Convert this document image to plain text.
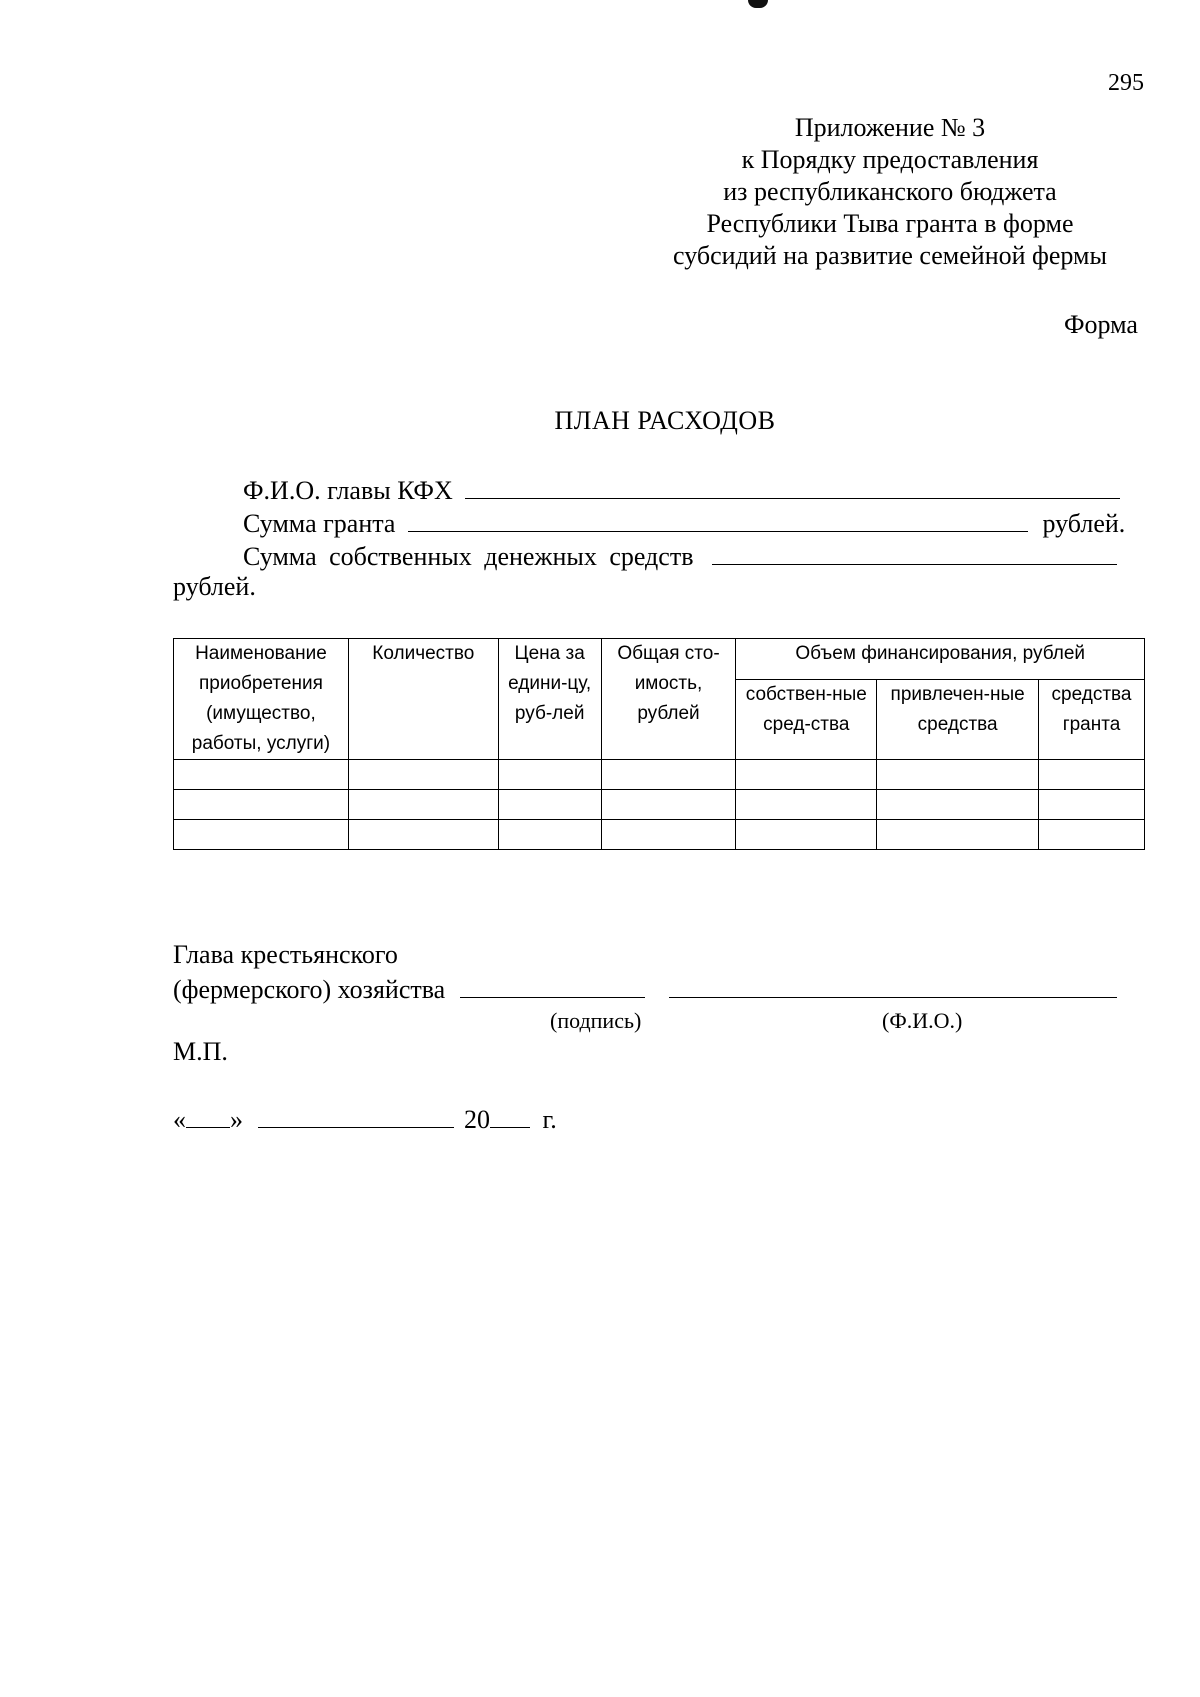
295
Приложение № 3
к Порядку предоставления
из республиканского бюджета
Республики Тыва гранта в форме
субсидий на развитие семейной фермы
Форма
ПЛАН РАСХОДОВ
Ф.И.О. главы КФХ
Сумма гранта	рублей.
Сумма собственных денежных средств
рублей.
Наименование приобретения (имущество, работы, услуги)	Количество	Цена за едини-цу, руб-лей	Общая сто-имость, рублей	Объем финансирования, рублей		
				собствен-ные сред-ства	привлечен-ные средства	средства гранта

Глава крестьянского
(фермерского) хозяйства
(подпись)	(Ф.И.О.)
М.П.
« »	20 г.
